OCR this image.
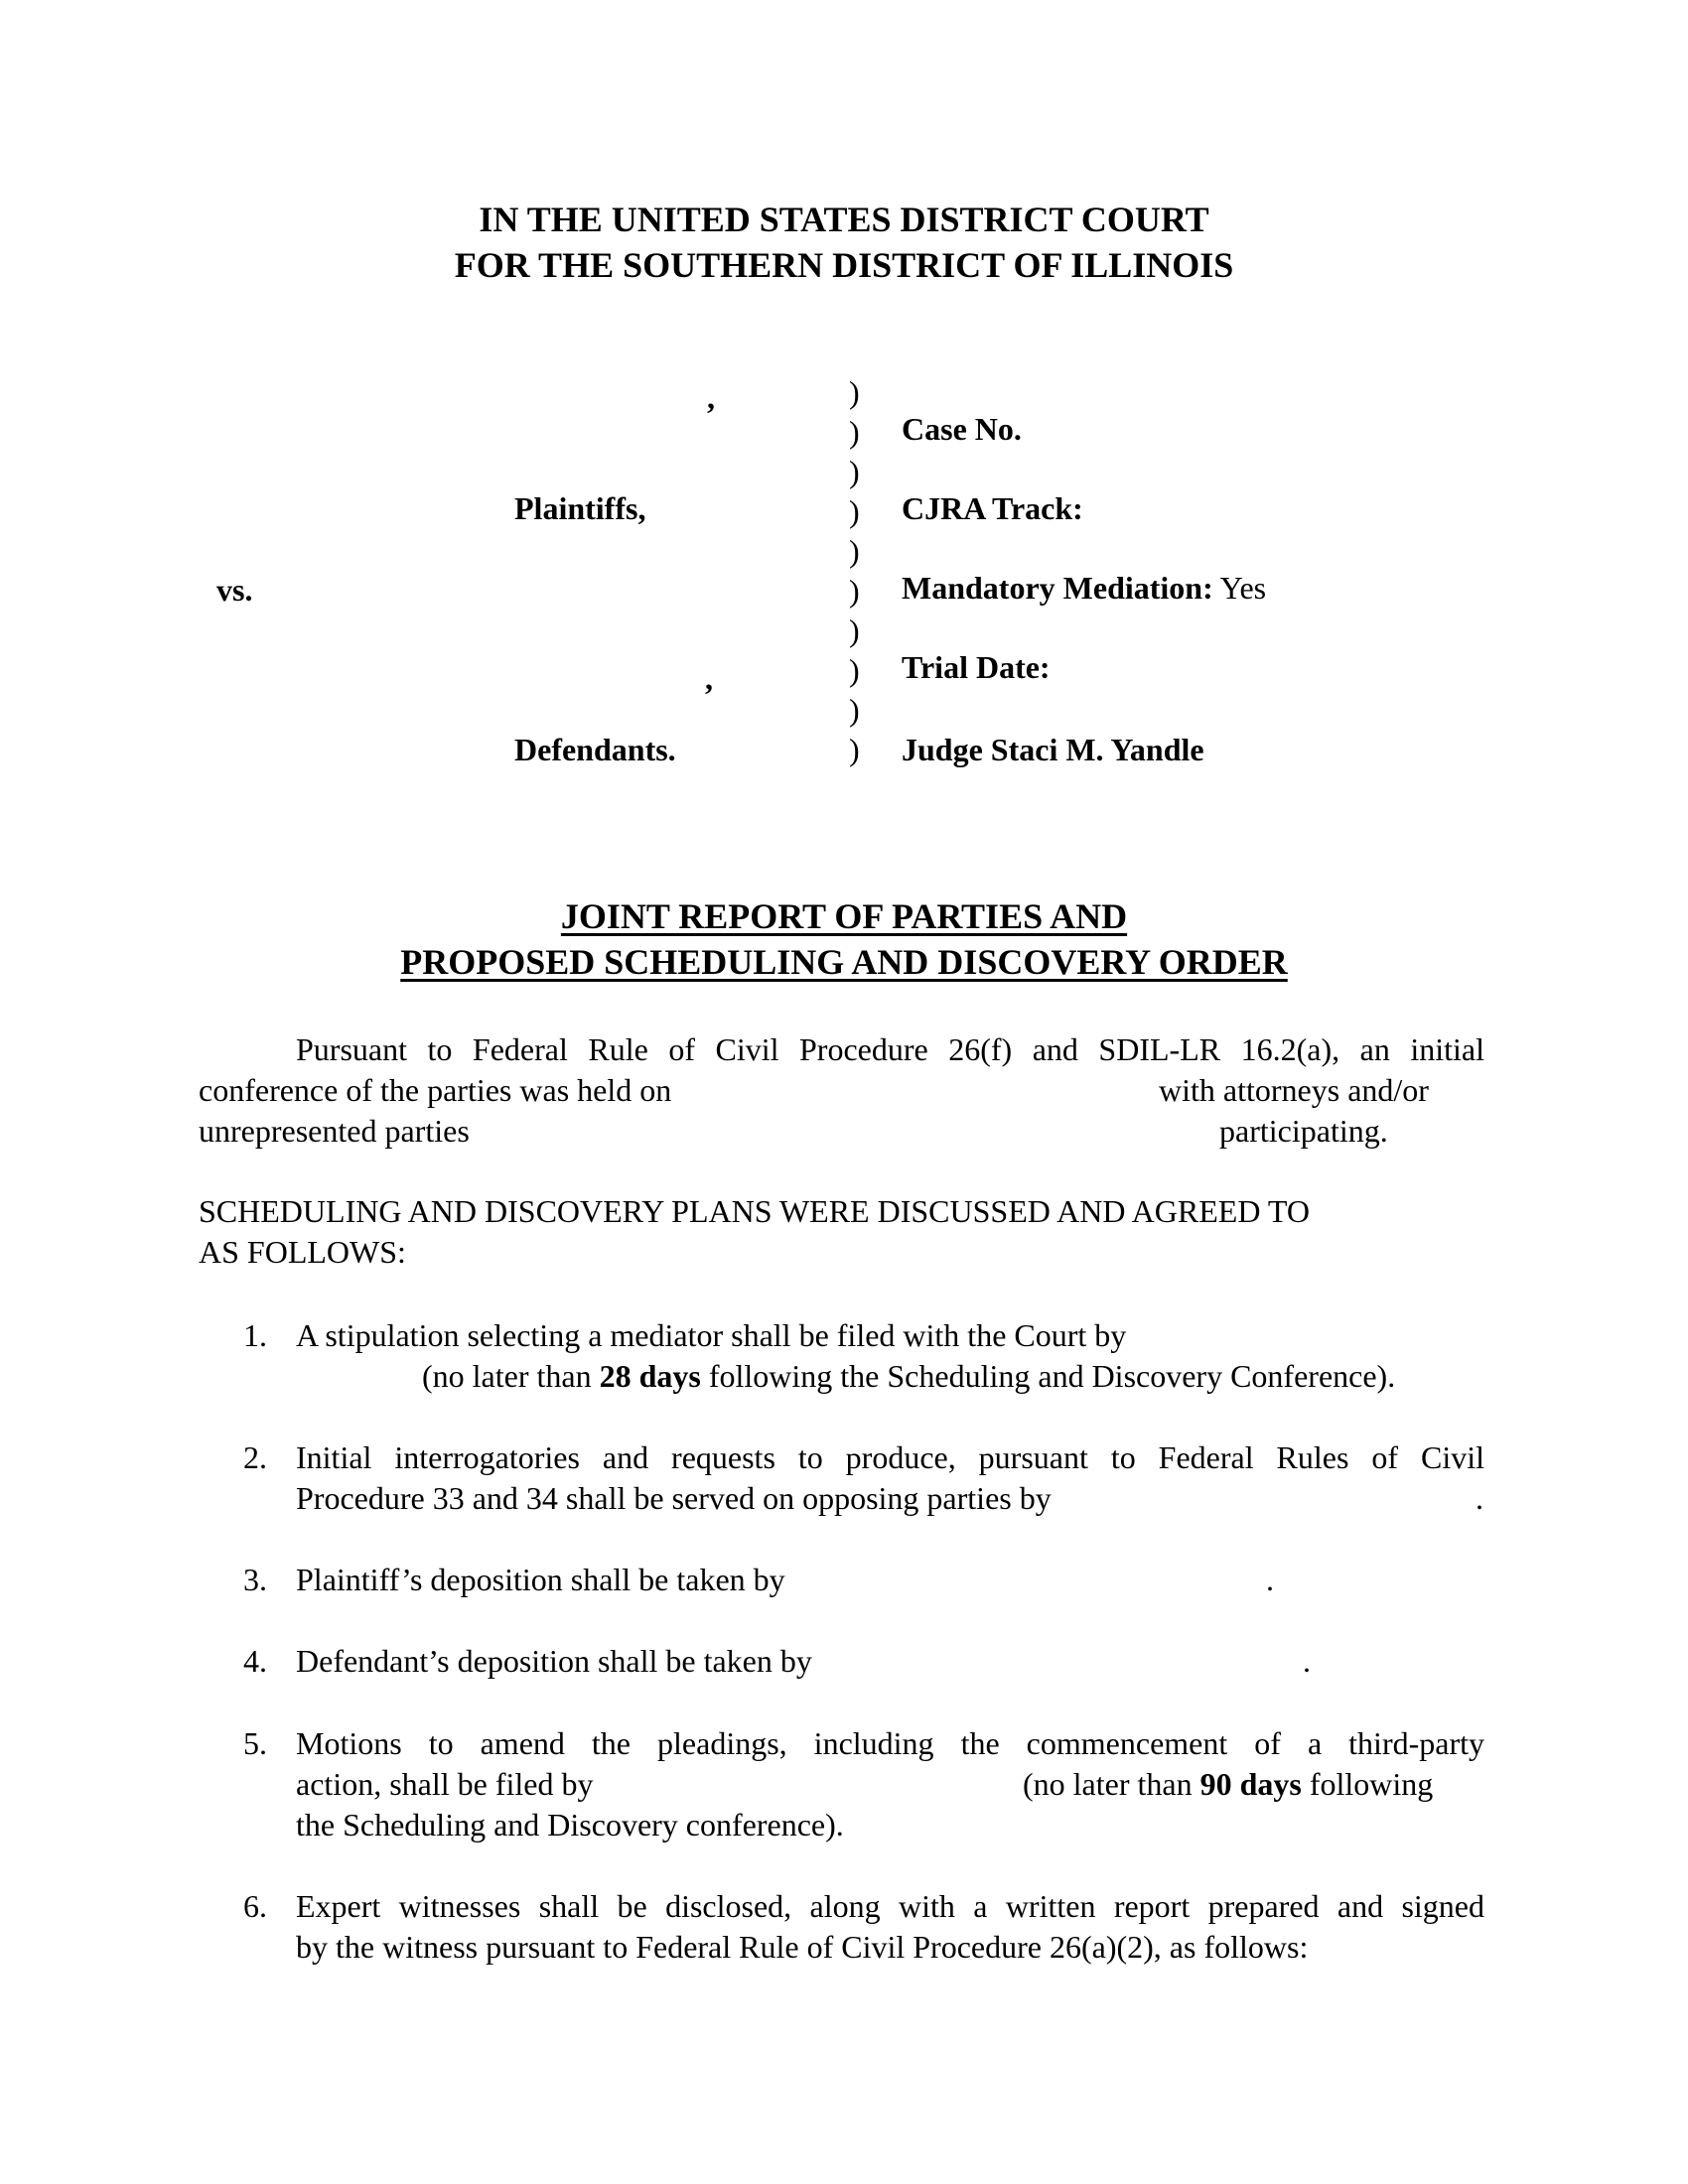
IN THE UNITED STATES DISTRICT COURT
FOR THE SOUTHERN DISTRICT OF ILLINOIS
,
Plaintiffs,
vs.
,
Defendants.
)
)
)
)
)
)
)
)
)
)
Case No.
CJRA Track:
Mandatory Mediation: Yes
Trial Date:
Judge Staci M. Yandle
JOINT REPORT OF PARTIES AND
PROPOSED SCHEDULING AND DISCOVERY ORDER
Pursuant to Federal Rule of Civil Procedure 26(f) and SDIL-LR 16.2(a), an initial
conference of the parties was held on	with attorneys and/or
unrepresented parties	participating.
SCHEDULING AND DISCOVERY PLANS WERE DISCUSSED AND AGREED TO
AS FOLLOWS:
1. A stipulation selecting a mediator shall be filed with the Court by
(no later than 28 days following the Scheduling and Discovery Conference).
2. Initial interrogatories and requests to produce, pursuant to Federal Rules of Civil
Procedure 33 and 34 shall be served on opposing parties by	.
3. Plaintiff’s deposition shall be taken by	.
4. Defendant’s deposition shall be taken by	.
5. Motions to amend the pleadings, including the commencement of a third-party
action, shall be filed by	(no later than 90 days following
the Scheduling and Discovery conference).
6. Expert witnesses shall be disclosed, along with a written report prepared and signed
by the witness pursuant to Federal Rule of Civil Procedure 26(a)(2), as follows:
